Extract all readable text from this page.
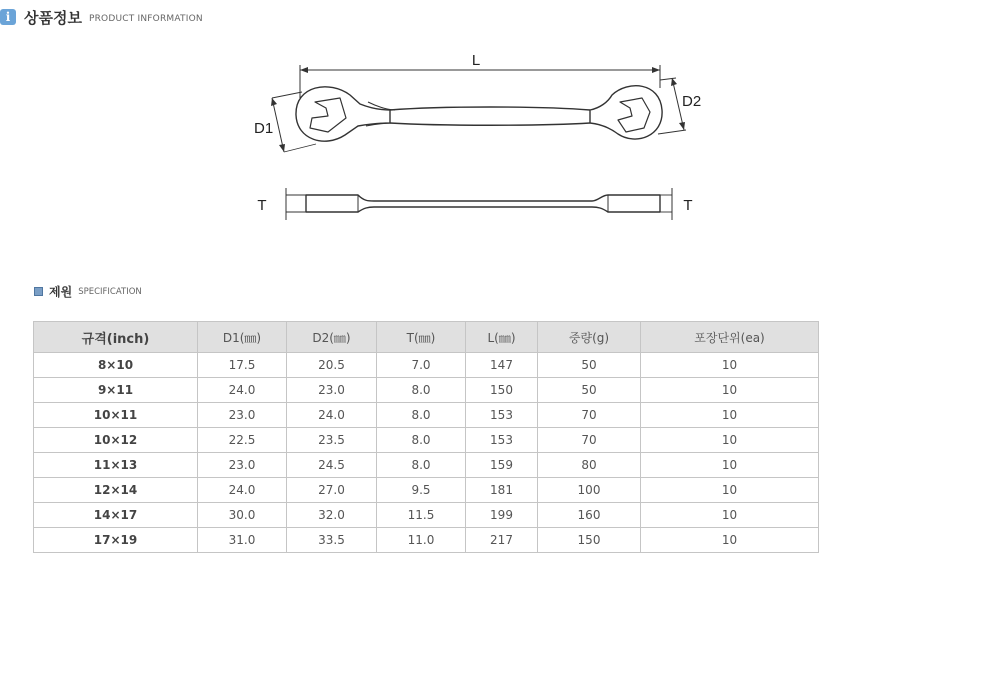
i 상품정보 PRODUCT INFORMATION
L
D1
D2
T	T
제원 SPECIFICATION
규격(inch)	D1(㎜)	D2(㎜)	T(㎜)	L(㎜)	중량(g)	포장단위(ea)
8×10	17.5	20.5	7.0	147	50	10
9×11	24.0	23.0	8.0	150	50	10
10×11	23.0	24.0	8.0	153	70	10
10×12	22.5	23.5	8.0	153	70	10
11×13	23.0	24.5	8.0	159	80	10
12×14	24.0	27.0	9.5	181	100	10
14×17	30.0	32.0	11.5	199	160	10
17×19	31.0	33.5	11.0	217	150	10
